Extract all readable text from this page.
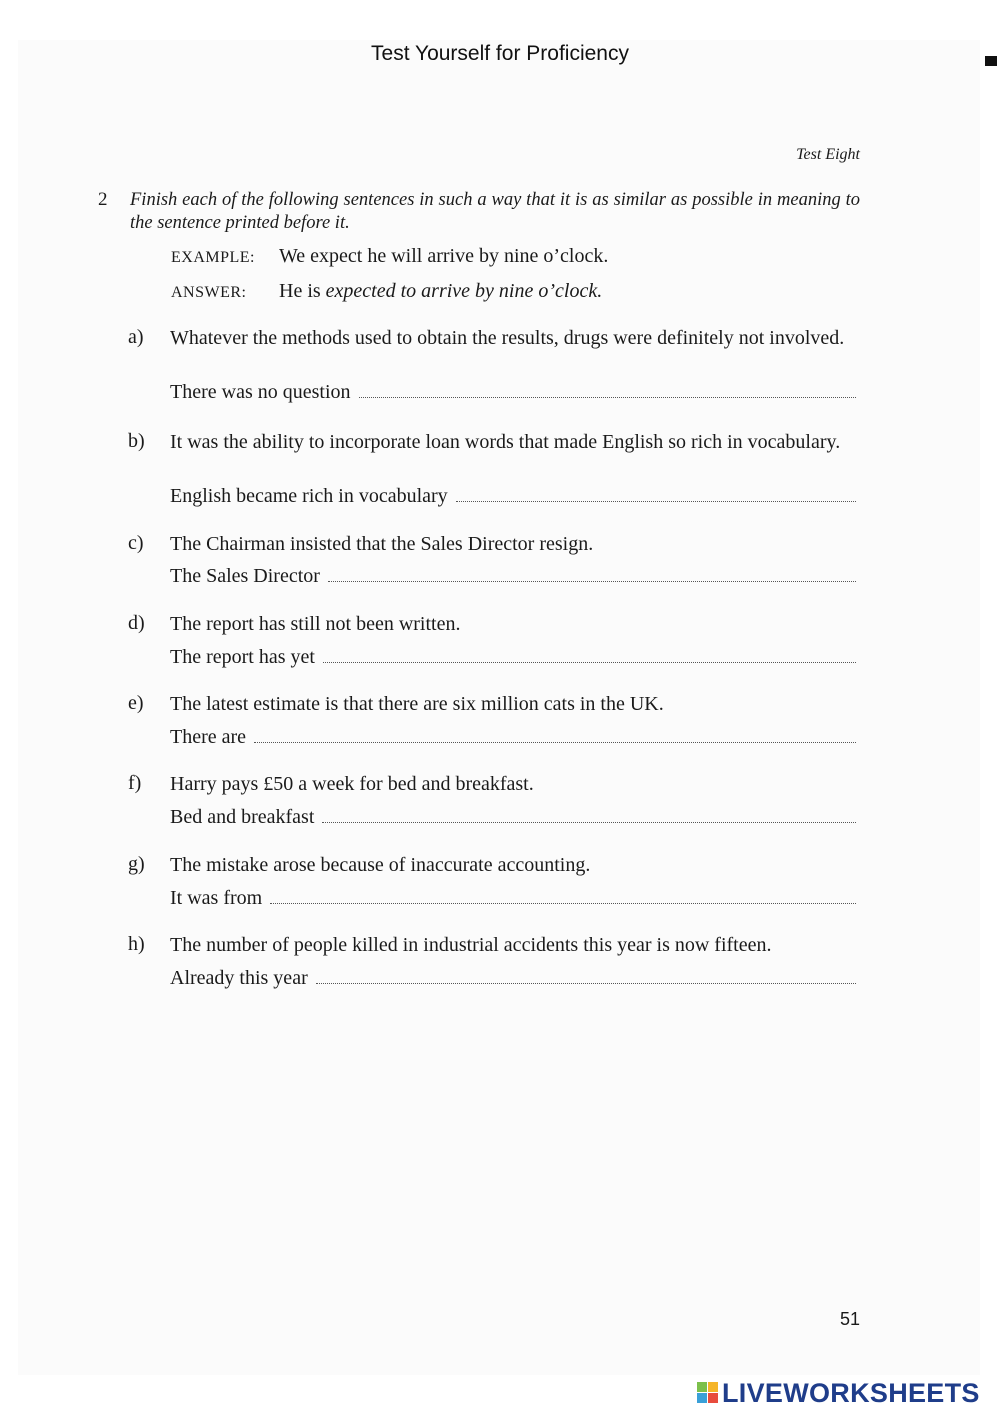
Test Yourself for Proficiency
Test Eight
2 Finish each of the following sentences in such a way that it is as similar as possible in meaning to the sentence printed before it.
EXAMPLE: We expect he will arrive by nine o’clock.
ANSWER: He is expected to arrive by nine o’clock.
a) Whatever the methods used to obtain the results, drugs were definitely not involved.
There was no question
b) It was the ability to incorporate loan words that made English so rich in vocabulary.
English became rich in vocabulary
c) The Chairman insisted that the Sales Director resign.
The Sales Director
d) The report has still not been written.
The report has yet
e) The latest estimate is that there are six million cats in the UK.
There are
f) Harry pays £50 a week for bed and breakfast.
Bed and breakfast
g) The mistake arose because of inaccurate accounting.
It was from
h) The number of people killed in industrial accidents this year is now fifteen.
Already this year
51
LIVEWORKSHEETS
